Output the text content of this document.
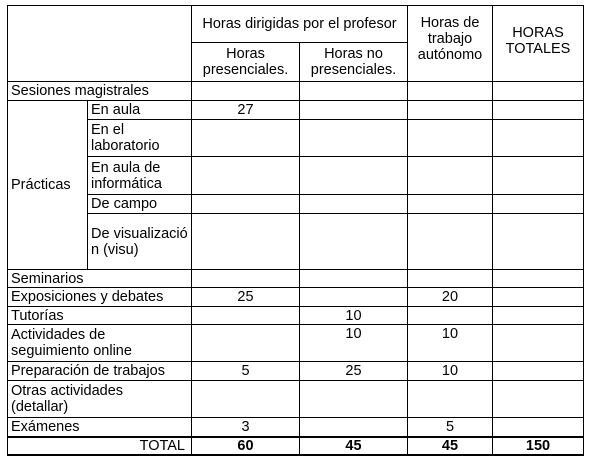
		Horas dirigidas por el profesor		Horas de trabajo autónomo	HORAS TOTALES
		Horas presenciales.	Horas no presenciales.		
Sesiones magistrales					
Prácticas	En aula	27			
	En el laboratorio				
	En aula de informática				
	De campo				
	De visualización (visu)				
Seminarios					
Exposiciones y debates		25		20	
Tutorías			10		
Actividades de seguimiento online			10	10	
Preparación de trabajos		5	25	10	
Otras actividades (detallar)					
Exámenes		3		5	
TOTAL		60	45	45	150
